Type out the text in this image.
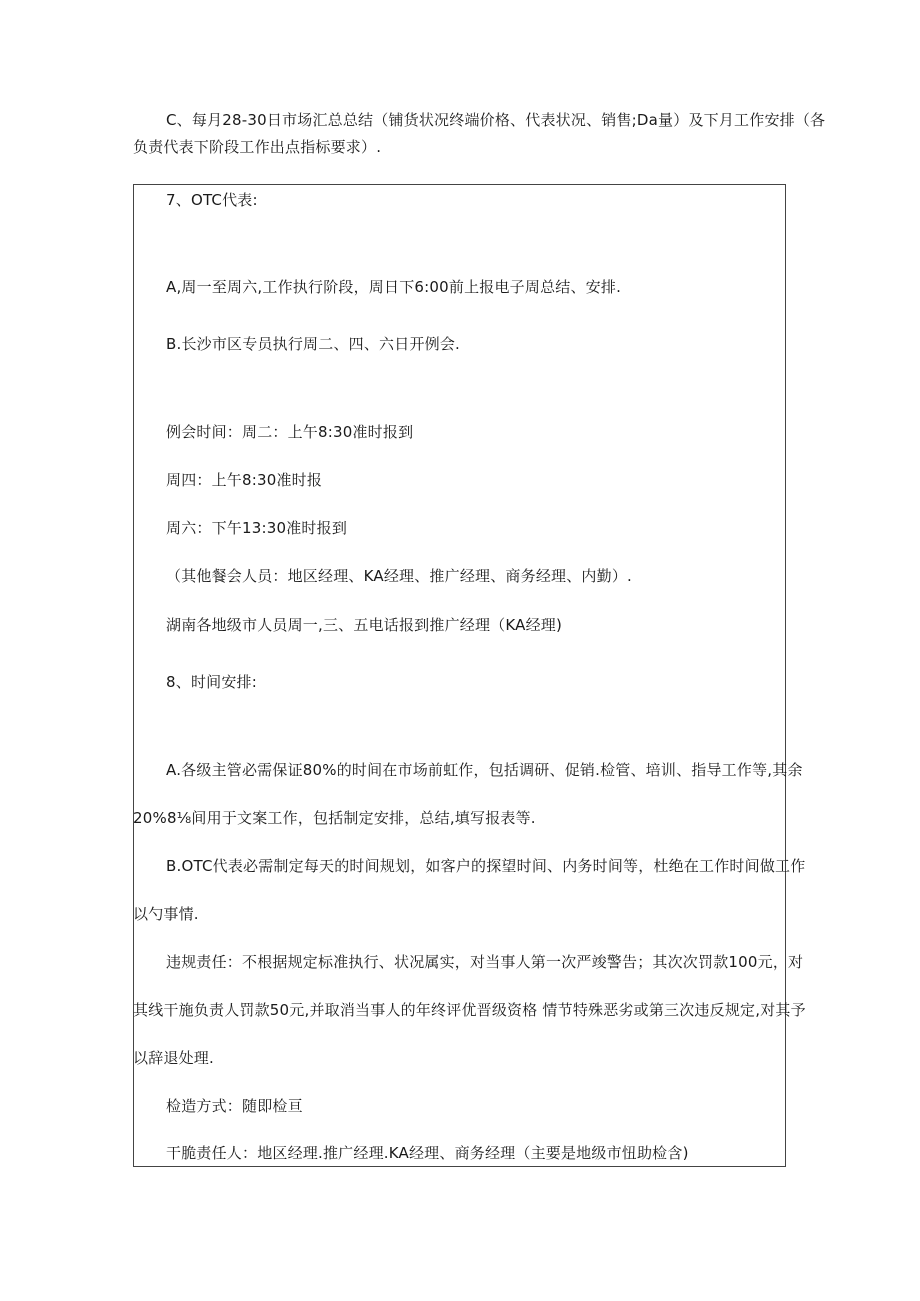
C、每月28-30日市场汇总总结（铺货状况终端价格、代表状况、销售;Da量）及下月工作安排（各
负责代表下阶段工作出点指标要求）.
7、OTC代表:
A,周一至周六,工作执行阶段，周日下6:00前上报电子周总结、安排.
B.长沙市区专员执行周二、四、六日开例会.
例会时间：周二：上午8:30准时报到
周四：上午8:30准时报
周六：下午13:30准时报到
（其他餐会人员：地区经理、KA经理、推广经理、商务经理、内勤）.
湖南各地级市人员周一,三、五电话报到推广经理（KA经理)
8、时间安排:
A.各级主管必需保证80%的时间在市场前虹作，包括调研、促销.检管、培训、指导工作等,其余
20%8⅛间用于文案工作，包括制定安排，总结,填写报表等.
B.OTC代表必需制定每天的时间规划，如客户的探望时间、内务时间等，杜绝在工作时间做工作
以勺事情.
违规责任：不根据规定标准执行、状况属实，对当事人第一次严竣警告；其次次罚款100元，对
其线干施负责人罚款50元,并取消当事人的年终评优晋级资格 情节特殊恶劣或第三次违反规定,对其予
以辞退处理.
检造方式：随即检亘
干脆责任人：地区经理.推广经理.KA经理、商务经理（主要是地级市忸助检含)
